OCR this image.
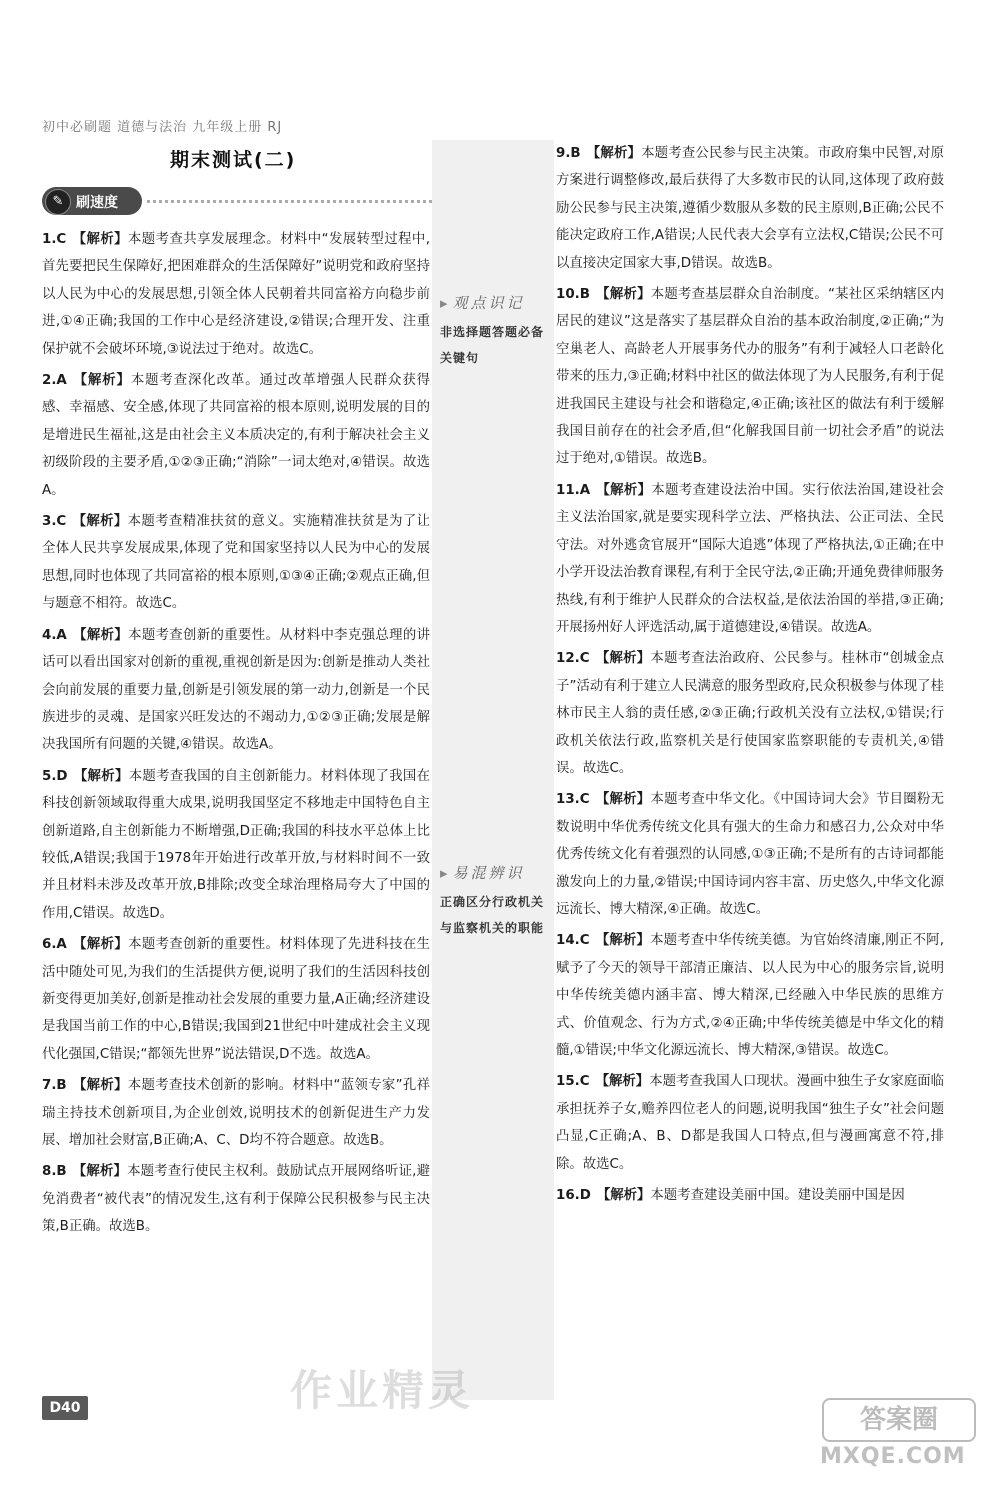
初中必刷题 道德与法治 九年级上册 RJ
期末测试(二)
✎ 刷速度
▸ 观点识记
非选择题答题必备关键句
▸ 易混辨识
正确区分行政机关与监察机关的职能

1.C 【解析】本题考查共享发展理念。材料中“发展转型过程中,首先要把民生保障好,把困难群众的生活保障好”说明党和政府坚持以人民为中心的发展思想,引领全体人民朝着共同富裕方向稳步前进,①④正确;我国的工作中心是经济建设,②错误;合理开发、注重保护就不会破坏环境,③说法过于绝对。故选C。

2.A 【解析】本题考查深化改革。通过改革增强人民群众获得感、幸福感、安全感,体现了共同富裕的根本原则,说明发展的目的是增进民生福祉,这是由社会主义本质决定的,有利于解决社会主义初级阶段的主要矛盾,①②③正确;“消除”一词太绝对,④错误。故选A。

3.C 【解析】本题考查精准扶贫的意义。实施精准扶贫是为了让全体人民共享发展成果,体现了党和国家坚持以人民为中心的发展思想,同时也体现了共同富裕的根本原则,①③④正确;②观点正确,但与题意不相符。故选C。

4.A 【解析】本题考查创新的重要性。从材料中李克强总理的讲话可以看出国家对创新的重视,重视创新是因为:创新是推动人类社会向前发展的重要力量,创新是引领发展的第一动力,创新是一个民族进步的灵魂、是国家兴旺发达的不竭动力,①②③正确;发展是解决我国所有问题的关键,④错误。故选A。

5.D 【解析】本题考查我国的自主创新能力。材料体现了我国在科技创新领域取得重大成果,说明我国坚定不移地走中国特色自主创新道路,自主创新能力不断增强,D正确;我国的科技水平总体上比较低,A错误;我国于1978年开始进行改革开放,与材料时间不一致并且材料未涉及改革开放,B排除;改变全球治理格局夸大了中国的作用,C错误。故选D。

6.A 【解析】本题考查创新的重要性。材料体现了先进科技在生活中随处可见,为我们的生活提供方便,说明了我们的生活因科技创新变得更加美好,创新是推动社会发展的重要力量,A正确;经济建设是我国当前工作的中心,B错误;我国到21世纪中叶建成社会主义现代化强国,C错误;“都领先世界”说法错误,D不选。故选A。

7.B 【解析】本题考查技术创新的影响。材料中“蓝领专家”孔祥瑞主持技术创新项目,为企业创效,说明技术的创新促进生产力发展、增加社会财富,B正确;A、C、D均不符合题意。故选B。

8.B 【解析】本题考查行使民主权利。鼓励试点开展网络听证,避免消费者“被代表”的情况发生,这有利于保障公民积极参与民主决策,B正确。故选B。

9.B 【解析】本题考查公民参与民主决策。市政府集中民智,对原方案进行调整修改,最后获得了大多数市民的认同,这体现了政府鼓励公民参与民主决策,遵循少数服从多数的民主原则,B正确;公民不能决定政府工作,A错误;人民代表大会享有立法权,C错误;公民不可以直接决定国家大事,D错误。故选B。

10.B 【解析】本题考查基层群众自治制度。“某社区采纳辖区内居民的建议”这是落实了基层群众自治的基本政治制度,②正确;“为空巢老人、高龄老人开展事务代办的服务”有利于减轻人口老龄化带来的压力,③正确;材料中社区的做法体现了为人民服务,有利于促进我国民主建设与社会和谐稳定,④正确;该社区的做法有利于缓解我国目前存在的社会矛盾,但“化解我国目前一切社会矛盾”的说法过于绝对,①错误。故选B。

11.A 【解析】本题考查建设法治中国。实行依法治国,建设社会主义法治国家,就是要实现科学立法、严格执法、公正司法、全民守法。对外逃贪官展开“国际大追逃”体现了严格执法,①正确;在中小学开设法治教育课程,有利于全民守法,②正确;开通免费律师服务热线,有利于维护人民群众的合法权益,是依法治国的举措,③正确;开展扬州好人评选活动,属于道德建设,④错误。故选A。

12.C 【解析】本题考查法治政府、公民参与。桂林市“创城金点子”活动有利于建立人民满意的服务型政府,民众积极参与体现了桂林市民主人翁的责任感,②③正确;行政机关没有立法权,①错误;行政机关依法行政,监察机关是行使国家监察职能的专责机关,④错误。故选C。

13.C 【解析】本题考查中华文化。《中国诗词大会》节目圈粉无数说明中华优秀传统文化具有强大的生命力和感召力,公众对中华优秀传统文化有着强烈的认同感,①③正确;不是所有的古诗词都能激发向上的力量,②错误;中国诗词内容丰富、历史悠久,中华文化源远流长、博大精深,④正确。故选C。

14.C 【解析】本题考查中华传统美德。为官始终清廉,刚正不阿,赋予了今天的领导干部清正廉洁、以人民为中心的服务宗旨,说明中华传统美德内涵丰富、博大精深,已经融入中华民族的思维方式、价值观念、行为方式,②④正确;中华传统美德是中华文化的精髓,①错误;中华文化源远流长、博大精深,③错误。故选C。

15.C 【解析】本题考查我国人口现状。漫画中独生子女家庭面临承担抚养子女,赡养四位老人的问题,说明我国“独生子女”社会问题凸显,C正确;A、B、D都是我国人口特点,但与漫画寓意不符,排除。故选C。

16.D 【解析】本题考查建设美丽中国。建设美丽中国是因

D40	作业精灵
答案圈
MXQE.COM
